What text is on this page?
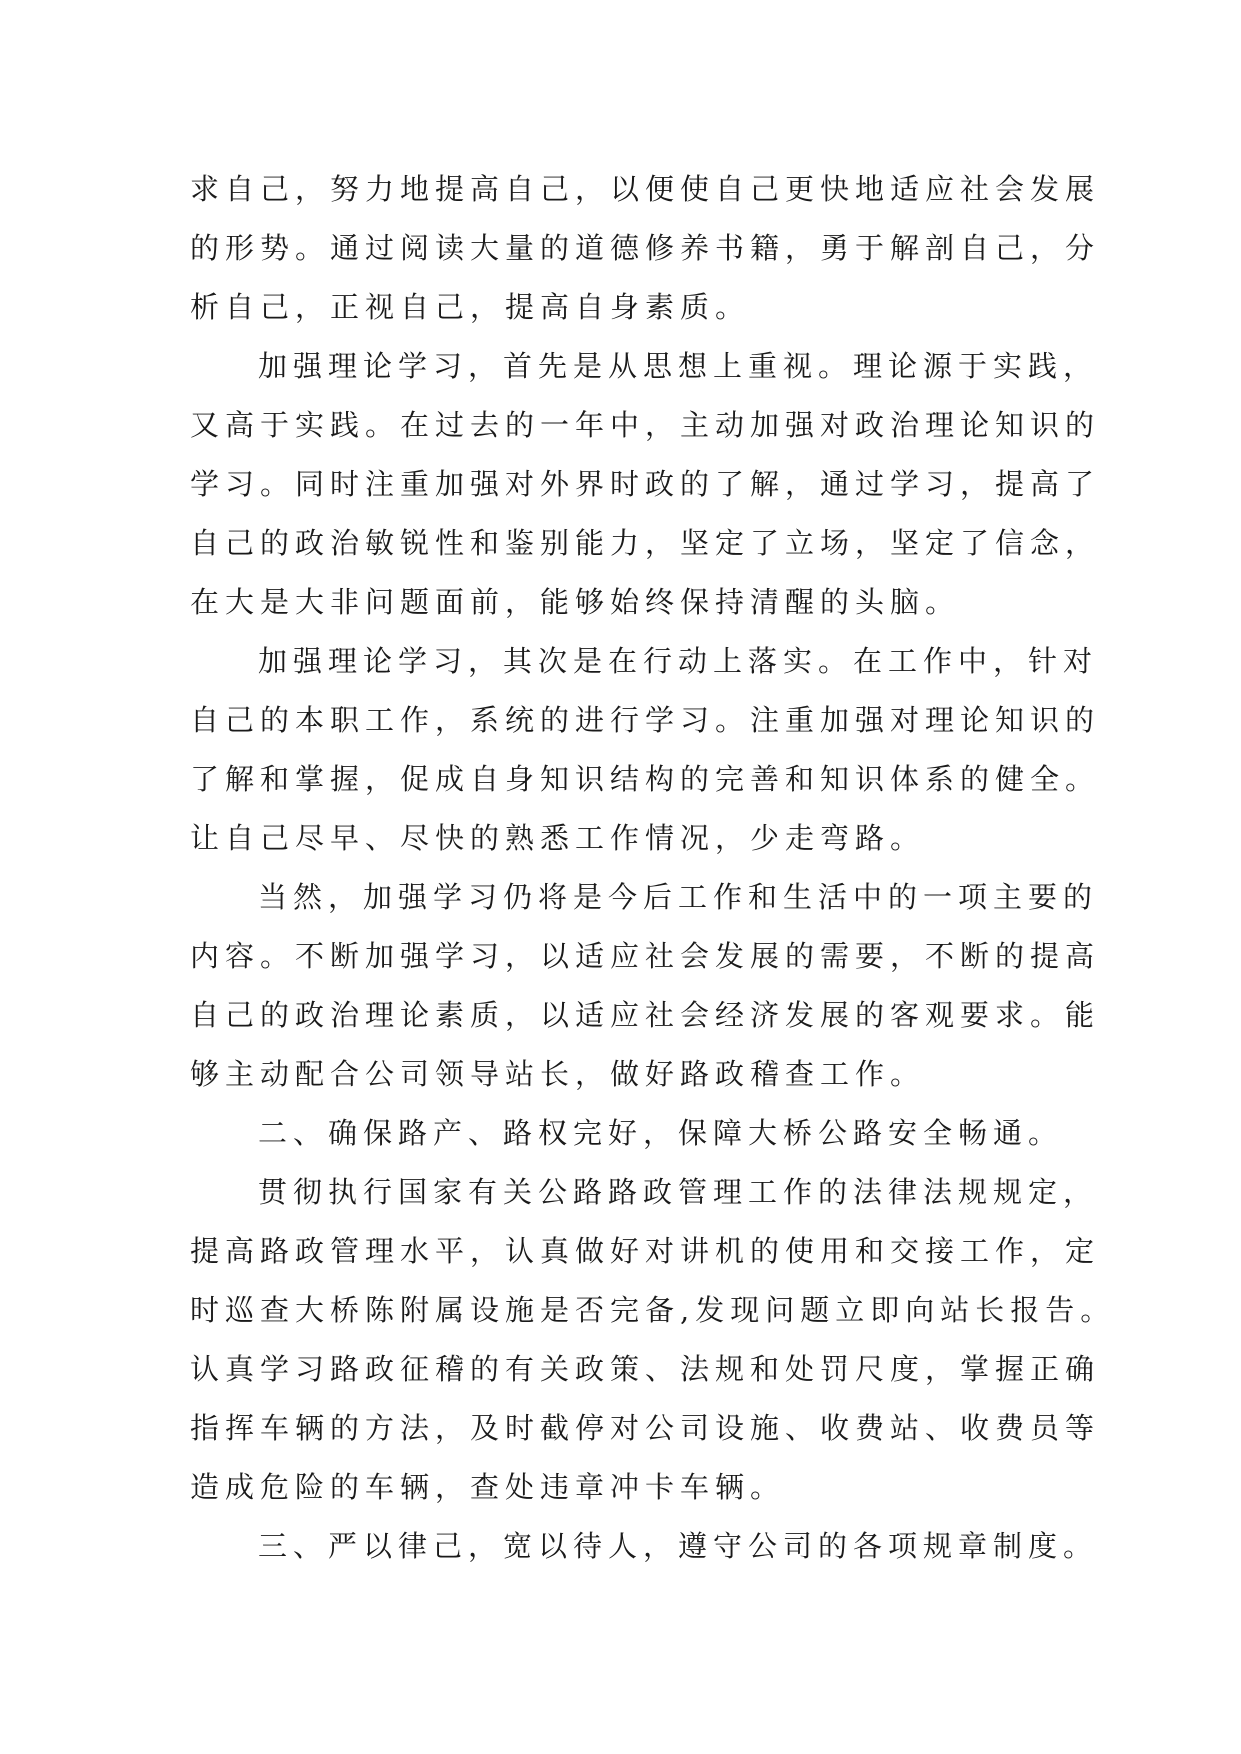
求自己，努力地提高自己，以便使自己更快地适应社会发展
的形势。通过阅读大量的道德修养书籍，勇于解剖自己，分
析自己，正视自己，提高自身素质。
加强理论学习，首先是从思想上重视。理论源于实践，
又高于实践。在过去的一年中，主动加强对政治理论知识的
学习。同时注重加强对外界时政的了解，通过学习，提高了
自己的政治敏锐性和鉴别能力，坚定了立场，坚定了信念，
在大是大非问题面前，能够始终保持清醒的头脑。
加强理论学习，其次是在行动上落实。在工作中，针对
自己的本职工作，系统的进行学习。注重加强对理论知识的
了解和掌握，促成自身知识结构的完善和知识体系的健全。
让自己尽早、尽快的熟悉工作情况，少走弯路。
当然，加强学习仍将是今后工作和生活中的一项主要的
内容。不断加强学习，以适应社会发展的需要，不断的提高
自己的政治理论素质，以适应社会经济发展的客观要求。能
够主动配合公司领导站长，做好路政稽查工作。
二、确保路产、路权完好，保障大桥公路安全畅通。
贯彻执行国家有关公路路政管理工作的法律法规规定，
提高路政管理水平，认真做好对讲机的使用和交接工作，定
时巡查大桥陈附属设施是否完备,发现问题立即向站长报告。
认真学习路政征稽的有关政策、法规和处罚尺度，掌握正确
指挥车辆的方法，及时截停对公司设施、收费站、收费员等
造成危险的车辆，查处违章冲卡车辆。
三、严以律己，宽以待人，遵守公司的各项规章制度。
